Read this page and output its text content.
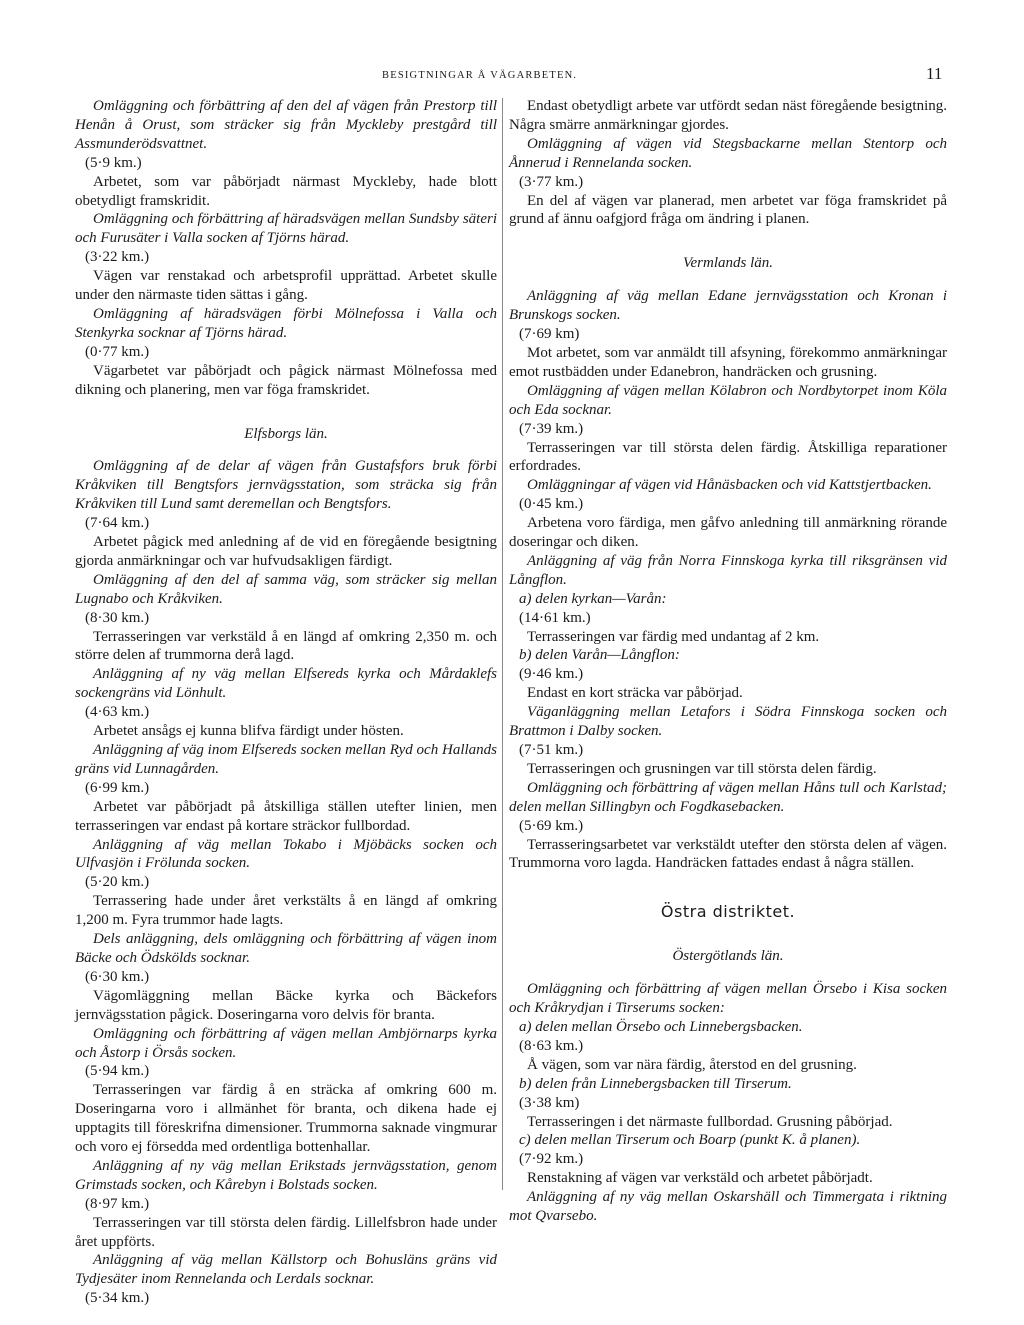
BESIGTNINGAR Å VÄGARBETEN.	11

Omläggning och förbättring af den del af vägen från Prestorp till Henån å Orust, som sträcker sig från Myckleby prestgård till Assmunderödsvattnet.

(5·9 km.)

Arbetet, som var påbörjadt närmast Myckleby, hade blott obetydligt framskridit.

Omläggning och förbättring af häradsvägen mellan Sundsby säteri och Furusäter i Valla socken af Tjörns härad.

(3·22 km.)

Vägen var renstakad och arbetsprofil upprättad. Arbetet skulle under den närmaste tiden sättas i gång.

Omläggning af häradsvägen förbi Mölnefossa i Valla och Stenkyrka socknar af Tjörns härad.

(0·77 km.)

Vägarbetet var påbörjadt och pågick närmast Mölnefossa med dikning och planering, men var föga framskridet.

Elfsborgs län.

Omläggning af de delar af vägen från Gustafsfors bruk förbi Kråkviken till Bengtsfors jernvägsstation, som sträcka sig från Kråkviken till Lund samt deremellan och Bengtsfors.

(7·64 km.)

Arbetet pågick med anledning af de vid en föregående besigtning gjorda anmärkningar och var hufvudsakligen färdigt.

Omläggning af den del af samma väg, som sträcker sig mellan Lugnabo och Kråkviken.

(8·30 km.)

Terrasseringen var verkstäld å en längd af omkring 2,350 m. och större delen af trummorna derå lagd.

Anläggning af ny väg mellan Elfsereds kyrka och Mårdaklefs sockengräns vid Lönhult.

(4·63 km.)

Arbetet ansågs ej kunna blifva färdigt under hösten.

Anläggning af väg inom Elfsereds socken mellan Ryd och Hallands gräns vid Lunnagården.

(6·99 km.)

Arbetet var påbörjadt på åtskilliga ställen utefter linien, men terrasseringen var endast på kortare sträckor fullbordad.

Anläggning af väg mellan Tokabo i Mjöbäcks socken och Ulfvasjön i Frölunda socken.

(5·20 km.)

Terrassering hade under året verkstälts å en längd af omkring 1,200 m. Fyra trummor hade lagts.

Dels anläggning, dels omläggning och förbättring af vägen inom Bäcke och Ödskölds socknar.

(6·30 km.)

Vägomläggning mellan Bäcke kyrka och Bäckefors jernvägsstation pågick. Doseringarna voro delvis för branta.

Omläggning och förbättring af vägen mellan Ambjörnarps kyrka och Åstorp i Örsås socken.

(5·94 km.)

Terrasseringen var färdig å en sträcka af omkring 600 m. Doseringarna voro i allmänhet för branta, och dikena hade ej upptagits till föreskrifna dimensioner. Trummorna saknade vingmurar och voro ej försedda med ordentliga bottenhallar.

Anläggning af ny väg mellan Erikstads jernvägsstation, genom Grimstads socken, och Kårebyn i Bolstads socken.

(8·97 km.)

Terrasseringen var till största delen färdig. Lillelfsbron hade under året uppförts.

Anläggning af väg mellan Källstorp och Bohusläns gräns vid Tydjesäter inom Rennelanda och Lerdals socknar.

(5·34 km.)

Endast obetydligt arbete var utfördt sedan näst föregående besigtning. Några smärre anmärkningar gjordes.

Omläggning af vägen vid Stegsbackarne mellan Stentorp och Ånnerud i Rennelanda socken.

(3·77 km.)

En del af vägen var planerad, men arbetet var föga framskridet på grund af ännu oafgjord fråga om ändring i planen.

Vermlands län.

Anläggning af väg mellan Edane jernvägsstation och Kronan i Brunskogs socken.

(7·69 km)

Mot arbetet, som var anmäldt till afsyning, förekommo anmärkningar emot rustbädden under Edanebron, handräcken och grusning.

Omläggning af vägen mellan Kölabron och Nordbytorpet inom Köla och Eda socknar.

(7·39 km.)

Terrasseringen var till största delen färdig. Åtskilliga reparationer erfordrades.

Omläggningar af vägen vid Hånäsbacken och vid Kattstjertbacken.

(0·45 km.)

Arbetena voro färdiga, men gåfvo anledning till anmärkning rörande doseringar och diken.

Anläggning af väg från Norra Finnskoga kyrka till riksgränsen vid Långflon.

a) delen kyrkan—Varån:

(14·61 km.)

Terrasseringen var färdig med undantag af 2 km.

b) delen Varån—Långflon:

(9·46 km.)

Endast en kort sträcka var påbörjad.

Väganläggning mellan Letafors i Södra Finnskoga socken och Brattmon i Dalby socken.

(7·51 km.)

Terrasseringen och grusningen var till största delen färdig.

Omläggning och förbättring af vägen mellan Håns tull och Karlstad; delen mellan Sillingbyn och Fogdkasebacken.

(5·69 km.)

Terrasseringsarbetet var verkstäldt utefter den största delen af vägen. Trummorna voro lagda. Handräcken fattades endast å några ställen.

Östra distriktet.

Östergötlands län.

Omläggning och förbättring af vägen mellan Örsebo i Kisa socken och Kråkrydjan i Tirserums socken:

a) delen mellan Örsebo och Linnebergsbacken.

(8·63 km.)

Å vägen, som var nära färdig, återstod en del grusning.

b) delen från Linnebergsbacken till Tirserum.

(3·38 km)

Terrasseringen i det närmaste fullbordad. Grusning påbörjad.

c) delen mellan Tirserum och Boarp (punkt K. å planen).

(7·92 km.)

Renstakning af vägen var verkstäld och arbetet påbörjadt.

Anläggning af ny väg mellan Oskarshäll och Timmergata i riktning mot Qvarsebo.
